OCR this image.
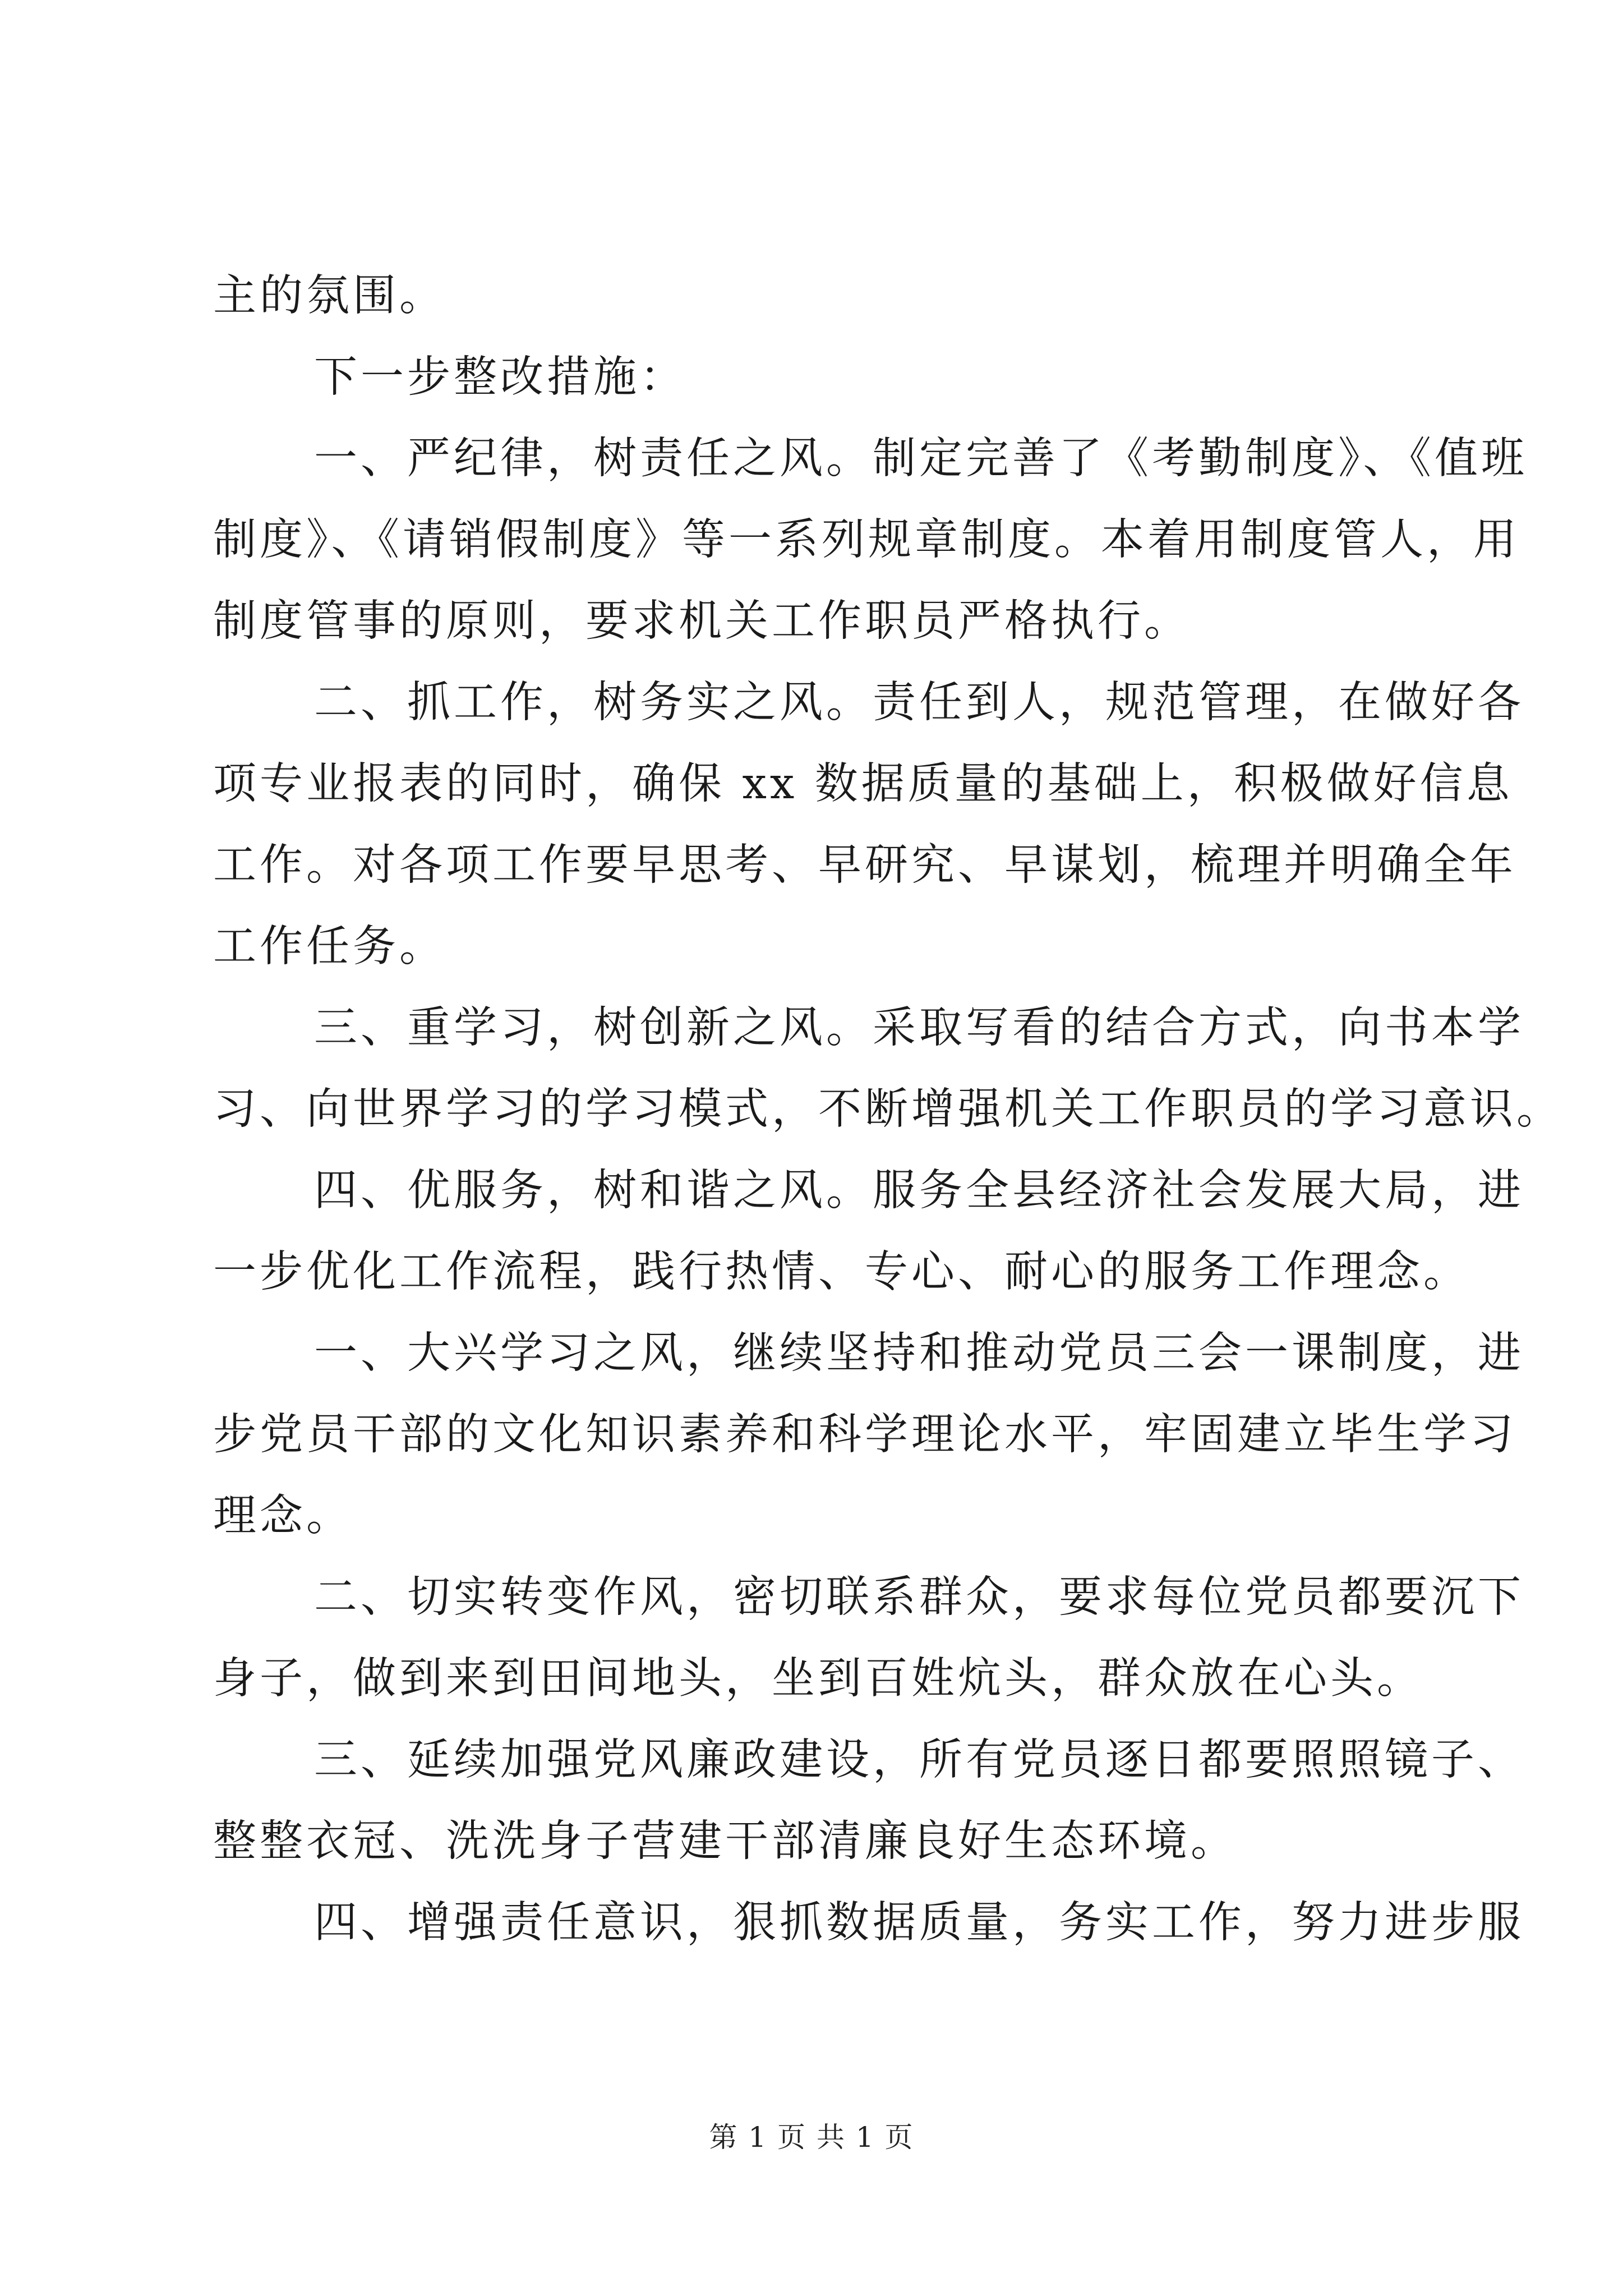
主的氛围。
下一步整改措施：
一、严纪律，树责任之风。制定完善了《考勤制度》、《值班
制度》、《请销假制度》等一系列规章制度。本着用制度管人，用
制度管事的原则，要求机关工作职员严格执行。
二、抓工作，树务实之风。责任到人，规范管理，在做好各
项专业报表的同时，确保 xx 数据质量的基础上，积极做好信息
工作。对各项工作要早思考、早研究、早谋划，梳理并明确全年
工作任务。
三、重学习，树创新之风。采取写看的结合方式，向书本学
习、向世界学习的学习模式，不断增强机关工作职员的学习意识。
四、优服务，树和谐之风。服务全县经济社会发展大局，进
一步优化工作流程，践行热情、专心、耐心的服务工作理念。
一、大兴学习之风，继续坚持和推动党员三会一课制度，进
步党员干部的文化知识素养和科学理论水平，牢固建立毕生学习
理念。
二、切实转变作风，密切联系群众，要求每位党员都要沉下
身子，做到来到田间地头，坐到百姓炕头，群众放在心头。
三、延续加强党风廉政建设，所有党员逐日都要照照镜子、
整整衣冠、洗洗身子营建干部清廉良好生态环境。
四、增强责任意识，狠抓数据质量，务实工作，努力进步服
第 1 页 共 1 页
